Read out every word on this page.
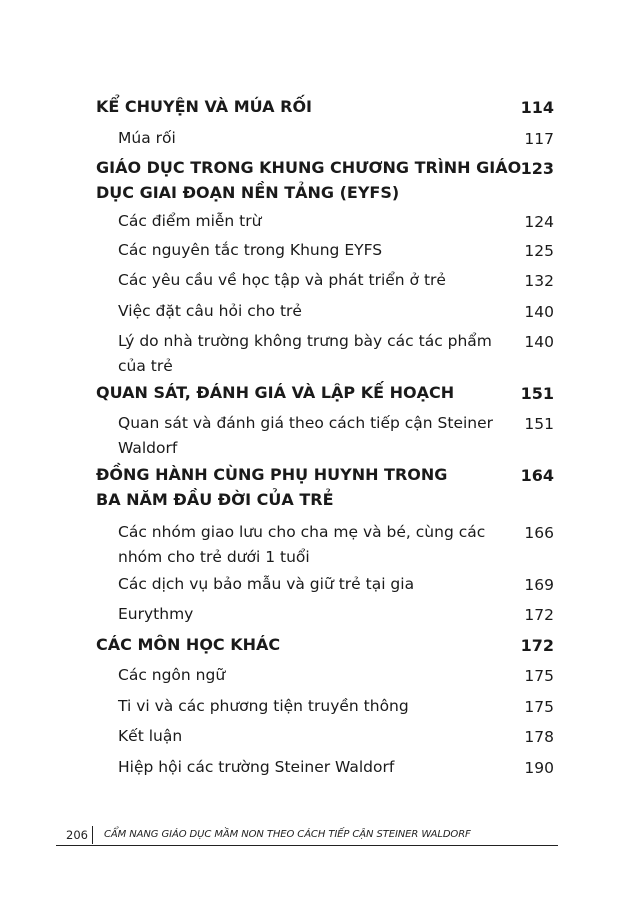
KỂ CHUYỆN VÀ MÚA RỐI	114
Múa rối	117
GIÁO DỤC TRONG KHUNG CHƯƠNG TRÌNH GIÁO
DỤC GIAI ĐOẠN NỀN TẢNG (EYFS)
123
Các điểm miễn trừ	124
Các nguyên tắc trong Khung EYFS	125
Các yêu cầu về học tập và phát triển ở trẻ	132
Việc đặt câu hỏi cho trẻ	140
Lý do nhà trường không trưng bày các tác phẩm
của trẻ
140
QUAN SÁT, ĐÁNH GIÁ VÀ LẬP KẾ HOẠCH	151
Quan sát và đánh giá theo cách tiếp cận Steiner
Waldorf
151
ĐỒNG HÀNH CÙNG PHỤ HUYNH TRONG
BA NĂM ĐẦU ĐỜI CỦA TRẺ
164
Các nhóm giao lưu cho cha mẹ và bé, cùng các
nhóm cho trẻ dưới 1 tuổi
166
Các dịch vụ bảo mẫu và giữ trẻ tại gia	169
Eurythmy	172
CÁC MÔN HỌC KHÁC	172
Các ngôn ngữ	175
Ti vi và các phương tiện truyền thông	175
Kết luận	178
Hiệp hội các trường Steiner Waldorf	190
206	CẨM NANG GIÁO DỤC MẦM NON THEO CÁCH TIẾP CẬN STEINER WALDORF
